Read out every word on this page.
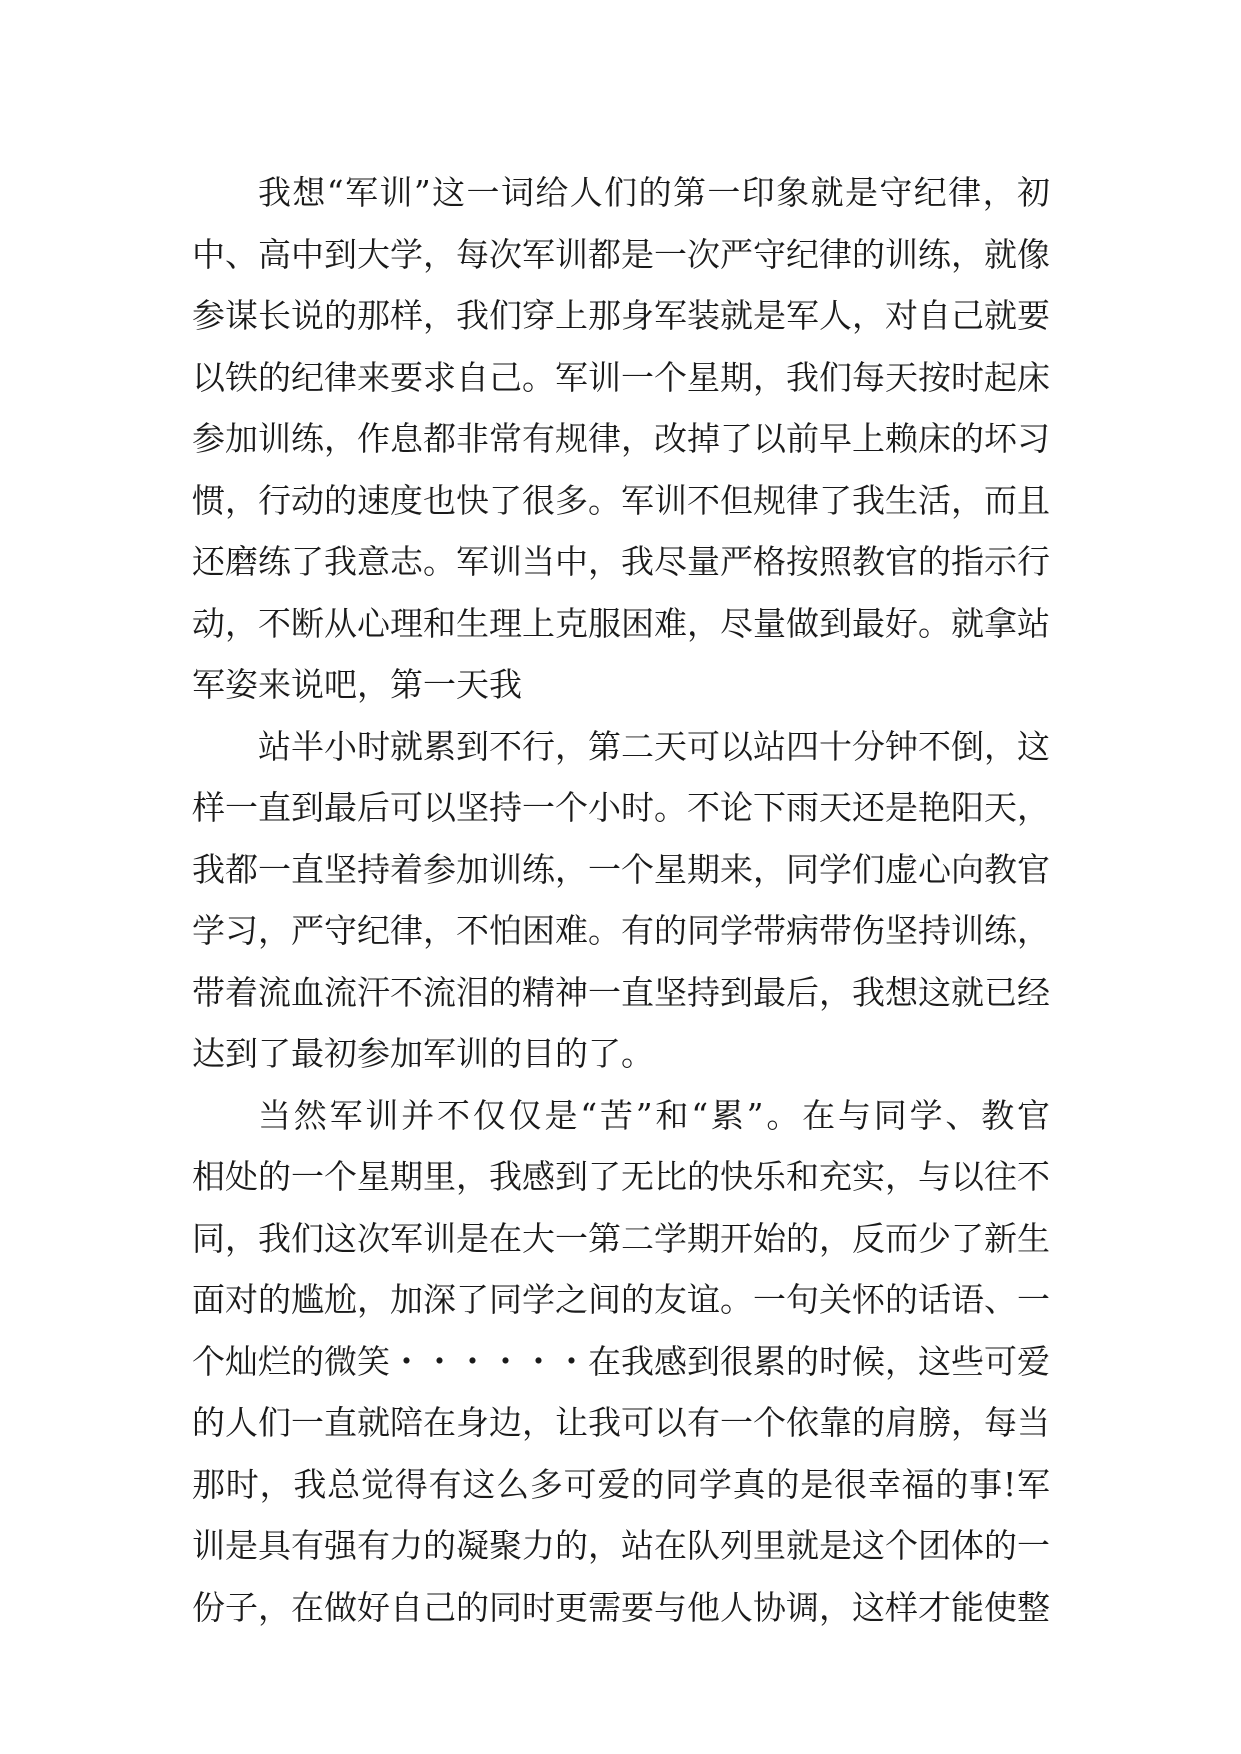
我想“军训”这一词给人们的第一印象就是守纪律，初
中、高中到大学，每次军训都是一次严守纪律的训练，就像
参谋长说的那样，我们穿上那身军装就是军人，对自己就要
以铁的纪律来要求自己。军训一个星期，我们每天按时起床
参加训练，作息都非常有规律，改掉了以前早上赖床的坏习
惯，行动的速度也快了很多。军训不但规律了我生活，而且
还磨练了我意志。军训当中，我尽量严格按照教官的指示行
动，不断从心理和生理上克服困难，尽量做到最好。就拿站
军姿来说吧，第一天我
站半小时就累到不行，第二天可以站四十分钟不倒，这
样一直到最后可以坚持一个小时。不论下雨天还是艳阳天，
我都一直坚持着参加训练，一个星期来，同学们虚心向教官
学习，严守纪律，不怕困难。有的同学带病带伤坚持训练，
带着流血流汗不流泪的精神一直坚持到最后，我想这就已经
达到了最初参加军训的目的了。
当然军训并不仅仅是“苦”和“累”。在与同学、教官
相处的一个星期里，我感到了无比的快乐和充实，与以往不
同，我们这次军训是在大一第二学期开始的，反而少了新生
面对的尴尬，加深了同学之间的友谊。一句关怀的话语、一
个灿烂的微笑・・・・・・在我感到很累的时候，这些可爱
的人们一直就陪在身边，让我可以有一个依靠的肩膀，每当
那时，我总觉得有这么多可爱的同学真的是很幸福的事!军
训是具有强有力的凝聚力的，站在队列里就是这个团体的一
份子，在做好自己的同时更需要与他人协调，这样才能使整
